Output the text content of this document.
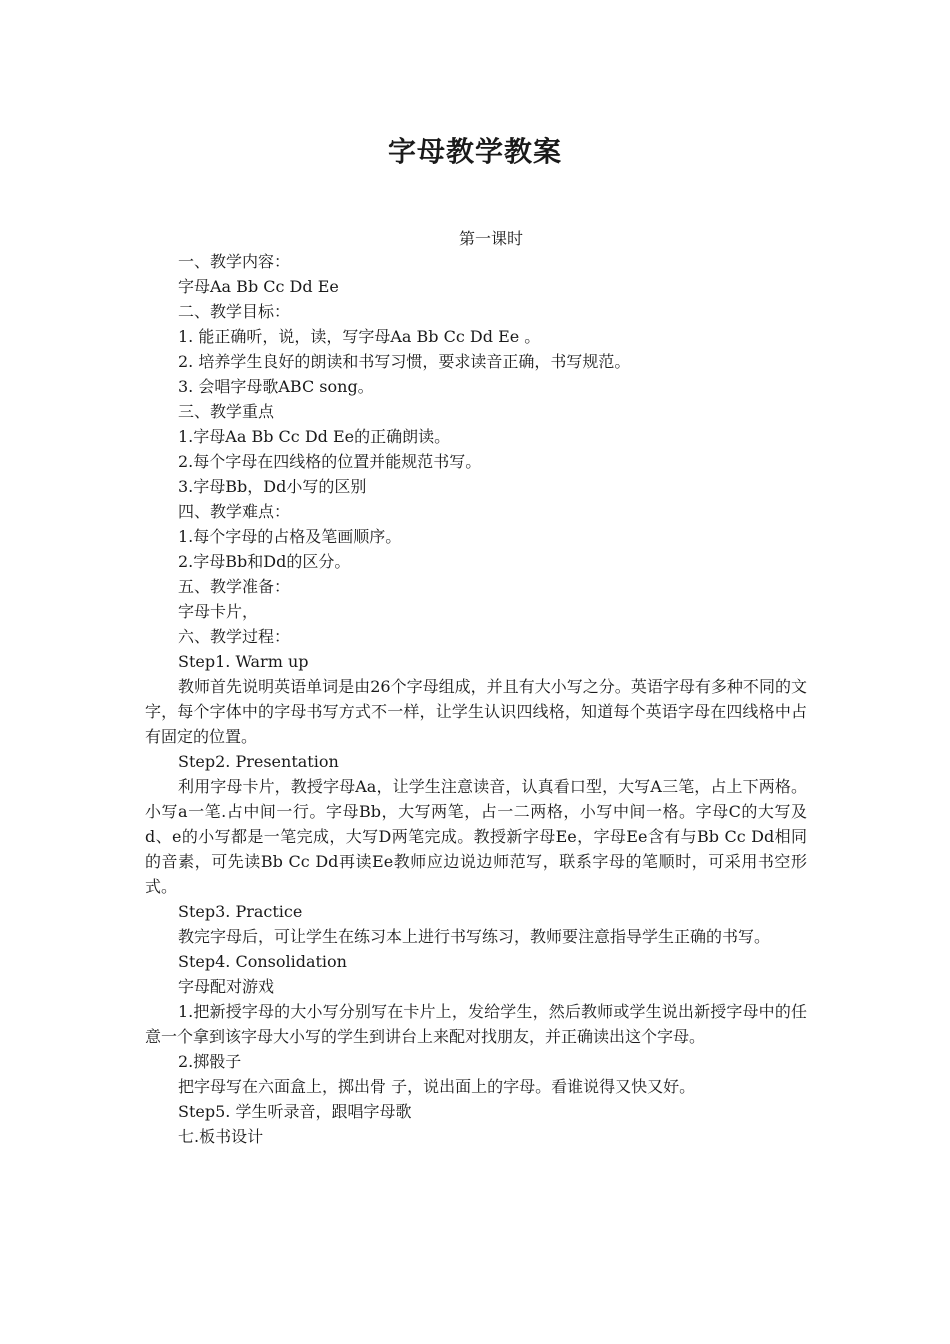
字母教学教案
第一课时

一、教学内容：

字母Aa Bb Cc Dd Ee

二、教学目标：

1. 能正确听，说，读，写字母Aa Bb Cc Dd Ee 。

2. 培养学生良好的朗读和书写习惯，要求读音正确，书写规范。

3. 会唱字母歌ABC song。

三、教学重点

1.字母Aa Bb Cc Dd Ee的正确朗读。

2.每个字母在四线格的位置并能规范书写。

3.字母Bb，Dd小写的区别

四、教学难点：

1.每个字母的占格及笔画顺序。

2.字母Bb和Dd的区分。

五、教学准备：

字母卡片，

六、教学过程：

Step1. Warm up

教师首先说明英语单词是由26个字母组成，并且有大小写之分。英语字母有多种不同的文字，每个字体中的字母书写方式不一样，让学生认识四线格，知道每个英语字母在四线格中占有固定的位置。

Step2. Presentation

利用字母卡片，教授字母Aa，让学生注意读音，认真看口型，大写A三笔，占上下两格。小写a一笔.占中间一行。字母Bb，大写两笔，占一二两格，小写中间一格。字母C的大写及d、e的小写都是一笔完成，大写D两笔完成。教授新字母Ee，字母Ee含有与Bb Cc Dd相同的音素，可先读Bb Cc Dd再读Ee教师应边说边师范写，联系字母的笔顺时，可采用书空形式。

Step3. Practice

教完字母后，可让学生在练习本上进行书写练习，教师要注意指导学生正确的书写。

Step4. Consolidation

字母配对游戏

1.把新授字母的大小写分别写在卡片上，发给学生，然后教师或学生说出新授字母中的任意一个拿到该字母大小写的学生到讲台上来配对找朋友，并正确读出这个字母。

2.掷骰子

把字母写在六面盒上，掷出骨 子，说出面上的字母。看谁说得又快又好。

Step5. 学生听录音，跟唱字母歌

七.板书设计
